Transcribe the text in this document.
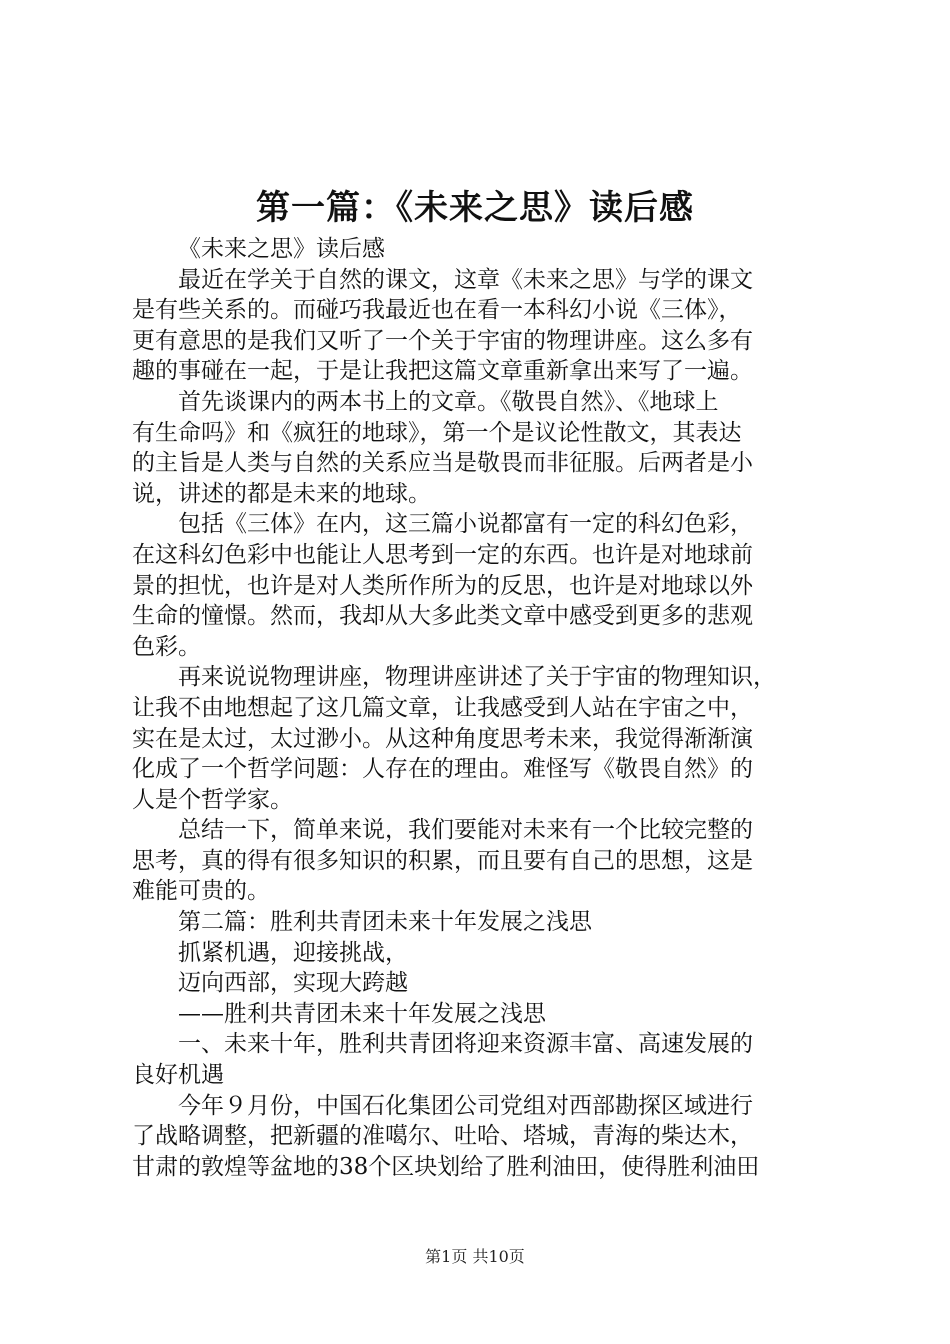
第一篇：《未来之思》读后感
《未来之思》读后感
最近在学关于自然的课文，这章《未来之思》与学的课文
是有些关系的。而碰巧我最近也在看一本科幻小说《三体》，
更有意思的是我们又听了一个关于宇宙的物理讲座。这么多有
趣的事碰在一起，于是让我把这篇文章重新拿出来写了一遍。
首先谈课内的两本书上的文章。《敬畏自然》、《地球上
有生命吗》和《疯狂的地球》，第一个是议论性散文，其表达
的主旨是人类与自然的关系应当是敬畏而非征服。后两者是小
说，讲述的都是未来的地球。
包括《三体》在内，这三篇小说都富有一定的科幻色彩，
在这科幻色彩中也能让人思考到一定的东西。也许是对地球前
景的担忧，也许是对人类所作所为的反思，也许是对地球以外
生命的憧憬。然而，我却从大多此类文章中感受到更多的悲观
色彩。
再来说说物理讲座，物理讲座讲述了关于宇宙的物理知识，
让我不由地想起了这几篇文章，让我感受到人站在宇宙之中，
实在是太过，太过渺小。从这种角度思考未来，我觉得渐渐演
化成了一个哲学问题：人存在的理由。难怪写《敬畏自然》的
人是个哲学家。
总结一下，简单来说，我们要能对未来有一个比较完整的
思考，真的得有很多知识的积累，而且要有自己的思想，这是
难能可贵的。
第二篇：胜利共青团未来十年发展之浅思
抓紧机遇，迎接挑战，
迈向西部，实现大跨越
——胜利共青团未来十年发展之浅思
一、未来十年，胜利共青团将迎来资源丰富、高速发展的
良好机遇
今年９月份，中国石化集团公司党组对西部勘探区域进行
了战略调整，把新疆的准噶尔、吐哈、塔城，青海的柴达木，
甘肃的敦煌等盆地的38个区块划给了胜利油田，使得胜利油田
第1页 共10页
